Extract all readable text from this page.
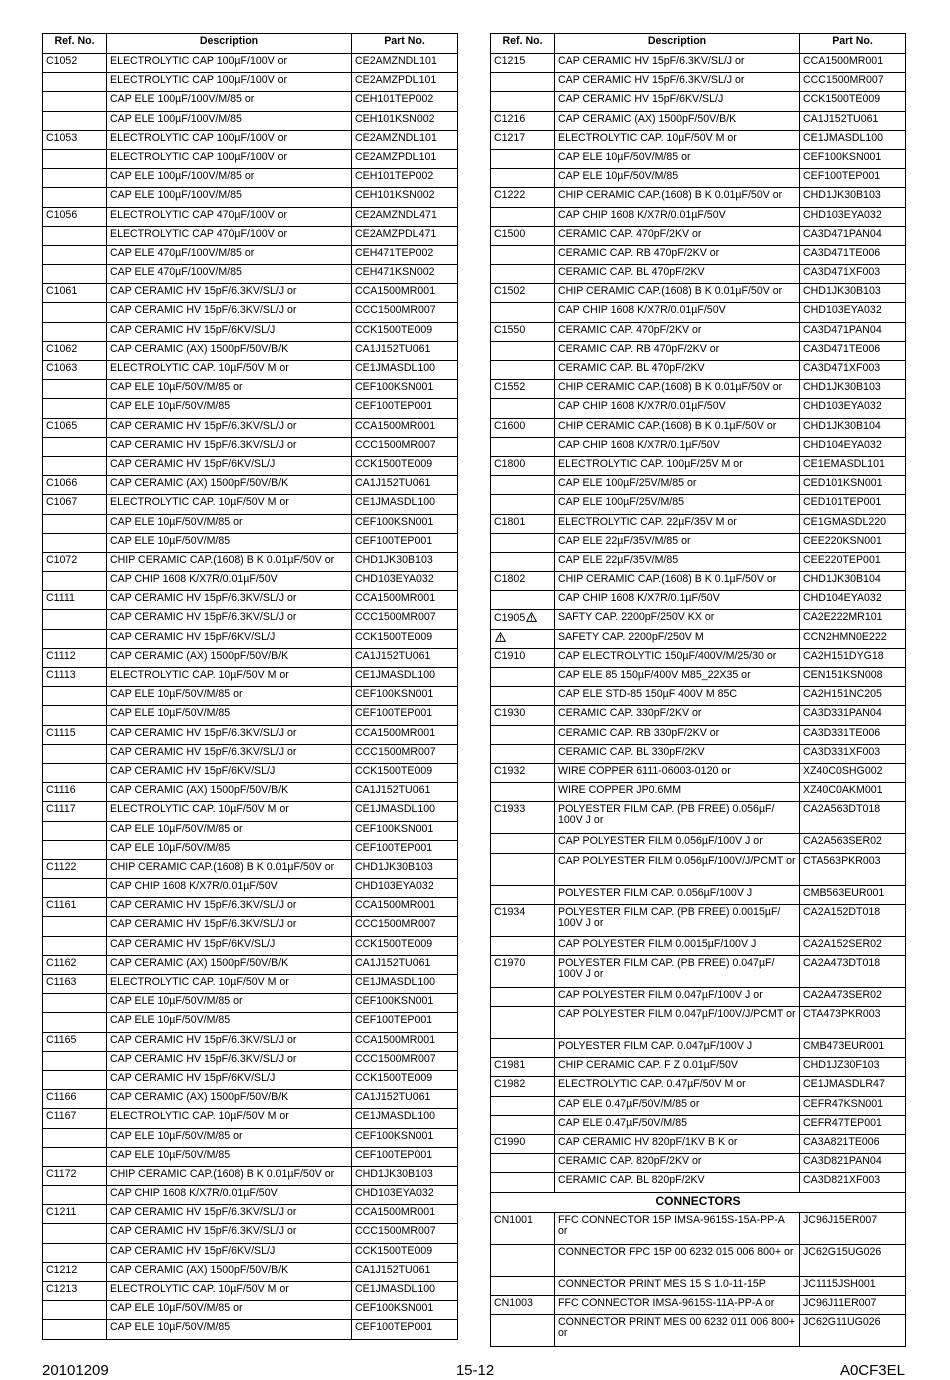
Ref. No.	Description	Part No.
C1052	ELECTROLYTIC CAP 100µF/100V or	CE2AMZNDL101
	ELECTROLYTIC CAP 100µF/100V or	CE2AMZPDL101
	CAP ELE 100µF/100V/M/85 or	CEH101TEP002
	CAP ELE 100µF/100V/M/85	CEH101KSN002
C1053	ELECTROLYTIC CAP 100µF/100V or	CE2AMZNDL101
	ELECTROLYTIC CAP 100µF/100V or	CE2AMZPDL101
	CAP ELE 100µF/100V/M/85 or	CEH101TEP002
	CAP ELE 100µF/100V/M/85	CEH101KSN002
C1056	ELECTROLYTIC CAP 470µF/100V or	CE2AMZNDL471
	ELECTROLYTIC CAP 470µF/100V or	CE2AMZPDL471
	CAP ELE 470µF/100V/M/85 or	CEH471TEP002
	CAP ELE 470µF/100V/M/85	CEH471KSN002
C1061	CAP CERAMIC HV 15pF/6.3KV/SL/J or	CCA1500MR001
	CAP CERAMIC HV 15pF/6.3KV/SL/J or	CCC1500MR007
	CAP CERAMIC HV 15pF/6KV/SL/J	CCK1500TE009
C1062	CAP CERAMIC (AX) 1500pF/50V/B/K	CA1J152TU061
C1063	ELECTROLYTIC CAP. 10µF/50V M or	CE1JMASDL100
	CAP ELE 10µF/50V/M/85 or	CEF100KSN001
	CAP ELE 10µF/50V/M/85	CEF100TEP001
C1065	CAP CERAMIC HV 15pF/6.3KV/SL/J or	CCA1500MR001
	CAP CERAMIC HV 15pF/6.3KV/SL/J or	CCC1500MR007
	CAP CERAMIC HV 15pF/6KV/SL/J	CCK1500TE009
C1066	CAP CERAMIC (AX) 1500pF/50V/B/K	CA1J152TU061
C1067	ELECTROLYTIC CAP. 10µF/50V M or	CE1JMASDL100
	CAP ELE 10µF/50V/M/85 or	CEF100KSN001
	CAP ELE 10µF/50V/M/85	CEF100TEP001
C1072	CHIP CERAMIC CAP.(1608) B K 0.01µF/50V or	CHD1JK30B103
	CAP CHIP 1608 K/X7R/0.01µF/50V	CHD103EYA032
C1111	CAP CERAMIC HV 15pF/6.3KV/SL/J or	CCA1500MR001
	CAP CERAMIC HV 15pF/6.3KV/SL/J or	CCC1500MR007
	CAP CERAMIC HV 15pF/6KV/SL/J	CCK1500TE009
C1112	CAP CERAMIC (AX) 1500pF/50V/B/K	CA1J152TU061
C1113	ELECTROLYTIC CAP. 10µF/50V M or	CE1JMASDL100
	CAP ELE 10µF/50V/M/85 or	CEF100KSN001
	CAP ELE 10µF/50V/M/85	CEF100TEP001
C1115	CAP CERAMIC HV 15pF/6.3KV/SL/J or	CCA1500MR001
	CAP CERAMIC HV 15pF/6.3KV/SL/J or	CCC1500MR007
	CAP CERAMIC HV 15pF/6KV/SL/J	CCK1500TE009
C1116	CAP CERAMIC (AX) 1500pF/50V/B/K	CA1J152TU061
C1117	ELECTROLYTIC CAP. 10µF/50V M or	CE1JMASDL100
	CAP ELE 10µF/50V/M/85 or	CEF100KSN001
	CAP ELE 10µF/50V/M/85	CEF100TEP001
C1122	CHIP CERAMIC CAP.(1608) B K 0.01µF/50V or	CHD1JK30B103
	CAP CHIP 1608 K/X7R/0.01µF/50V	CHD103EYA032
C1161	CAP CERAMIC HV 15pF/6.3KV/SL/J or	CCA1500MR001
	CAP CERAMIC HV 15pF/6.3KV/SL/J or	CCC1500MR007
	CAP CERAMIC HV 15pF/6KV/SL/J	CCK1500TE009
C1162	CAP CERAMIC (AX) 1500pF/50V/B/K	CA1J152TU061
C1163	ELECTROLYTIC CAP. 10µF/50V M or	CE1JMASDL100
	CAP ELE 10µF/50V/M/85 or	CEF100KSN001
	CAP ELE 10µF/50V/M/85	CEF100TEP001
C1165	CAP CERAMIC HV 15pF/6.3KV/SL/J or	CCA1500MR001
	CAP CERAMIC HV 15pF/6.3KV/SL/J or	CCC1500MR007
	CAP CERAMIC HV 15pF/6KV/SL/J	CCK1500TE009
C1166	CAP CERAMIC (AX) 1500pF/50V/B/K	CA1J152TU061
C1167	ELECTROLYTIC CAP. 10µF/50V M or	CE1JMASDL100
	CAP ELE 10µF/50V/M/85 or	CEF100KSN001
	CAP ELE 10µF/50V/M/85	CEF100TEP001
C1172	CHIP CERAMIC CAP.(1608) B K 0.01µF/50V or	CHD1JK30B103
	CAP CHIP 1608 K/X7R/0.01µF/50V	CHD103EYA032
C1211	CAP CERAMIC HV 15pF/6.3KV/SL/J or	CCA1500MR001
	CAP CERAMIC HV 15pF/6.3KV/SL/J or	CCC1500MR007
	CAP CERAMIC HV 15pF/6KV/SL/J	CCK1500TE009
C1212	CAP CERAMIC (AX) 1500pF/50V/B/K	CA1J152TU061
C1213	ELECTROLYTIC CAP. 10µF/50V M or	CE1JMASDL100
	CAP ELE 10µF/50V/M/85 or	CEF100KSN001
	CAP ELE 10µF/50V/M/85	CEF100TEP001
Ref. No.	Description	Part No.
C1215	CAP CERAMIC HV 15pF/6.3KV/SL/J or	CCA1500MR001
	CAP CERAMIC HV 15pF/6.3KV/SL/J or	CCC1500MR007
	CAP CERAMIC HV 15pF/6KV/SL/J	CCK1500TE009
C1216	CAP CERAMIC (AX) 1500pF/50V/B/K	CA1J152TU061
C1217	ELECTROLYTIC CAP. 10µF/50V M or	CE1JMASDL100
	CAP ELE 10µF/50V/M/85 or	CEF100KSN001
	CAP ELE 10µF/50V/M/85	CEF100TEP001
C1222	CHIP CERAMIC CAP.(1608) B K 0.01µF/50V or	CHD1JK30B103
	CAP CHIP 1608 K/X7R/0.01µF/50V	CHD103EYA032
C1500	CERAMIC CAP. 470pF/2KV or	CA3D471PAN04
	CERAMIC CAP. RB 470pF/2KV or	CA3D471TE006
	CERAMIC CAP. BL 470pF/2KV	CA3D471XF003
C1502	CHIP CERAMIC CAP.(1608) B K 0.01µF/50V or	CHD1JK30B103
	CAP CHIP 1608 K/X7R/0.01µF/50V	CHD103EYA032
C1550	CERAMIC CAP. 470pF/2KV or	CA3D471PAN04
	CERAMIC CAP. RB 470pF/2KV or	CA3D471TE006
	CERAMIC CAP. BL 470pF/2KV	CA3D471XF003
C1552	CHIP CERAMIC CAP.(1608) B K 0.01µF/50V or	CHD1JK30B103
	CAP CHIP 1608 K/X7R/0.01µF/50V	CHD103EYA032
C1600	CHIP CERAMIC CAP.(1608) B K 0.1µF/50V or	CHD1JK30B104
	CAP CHIP 1608 K/X7R/0.1µF/50V	CHD104EYA032
C1800	ELECTROLYTIC CAP. 100µF/25V M or	CE1EMASDL101
	CAP ELE 100µF/25V/M/85 or	CED101KSN001
	CAP ELE 100µF/25V/M/85	CED101TEP001
C1801	ELECTROLYTIC CAP. 22µF/35V M or	CE1GMASDL220
	CAP ELE 22µF/35V/M/85 or	CEE220KSN001
	CAP ELE 22µF/35V/M/85	CEE220TEP001
C1802	CHIP CERAMIC CAP.(1608) B K 0.1µF/50V or	CHD1JK30B104
	CAP CHIP 1608 K/X7R/0.1µF/50V	CHD104EYA032
C1905	SAFTY CAP. 2200pF/250V KX or	CA2E222MR101
	SAFETY CAP. 2200pF/250V M	CCN2HMN0E222
C1910	CAP ELECTROLYTIC 150µF/400V/M/25/30 or	CA2H151DYG18
	CAP ELE 85 150µF/400V M85_22X35 or	CEN151KSN008
	CAP ELE STD-85 150µF 400V M 85C	CA2H151NC205
C1930	CERAMIC CAP. 330pF/2KV or	CA3D331PAN04
	CERAMIC CAP. RB 330pF/2KV or	CA3D331TE006
	CERAMIC CAP. BL 330pF/2KV	CA3D331XF003
C1932	WIRE COPPER 6111-06003-0120 or	XZ40C0SHG002
	WIRE COPPER JP0.6MM	XZ40C0AKM001
C1933	POLYESTER FILM CAP. (PB FREE) 0.056µF/ 100V J or	CA2A563DT018
	CAP POLYESTER FILM 0.056µF/100V J or	CA2A563SER02
	CAP POLYESTER FILM 0.056µF/100V/J/PCMT or	CTA563PKR003
	POLYESTER FILM CAP. 0.056µF/100V J	CMB563EUR001
C1934	POLYESTER FILM CAP. (PB FREE) 0.0015µF/ 100V J or	CA2A152DT018
	CAP POLYESTER FILM 0.0015µF/100V J	CA2A152SER02
C1970	POLYESTER FILM CAP. (PB FREE) 0.047µF/ 100V J or	CA2A473DT018
	CAP POLYESTER FILM 0.047µF/100V J or	CA2A473SER02
	CAP POLYESTER FILM 0.047µF/100V/J/PCMT or	CTA473PKR003
	POLYESTER FILM CAP. 0.047µF/100V J	CMB473EUR001
C1981	CHIP CERAMIC CAP. F Z 0.01µF/50V	CHD1JZ30F103
C1982	ELECTROLYTIC CAP. 0.47µF/50V M or	CE1JMASDLR47
	CAP ELE 0.47µF/50V/M/85 or	CEFR47KSN001
	CAP ELE 0.47µF/50V/M/85	CEFR47TEP001
C1990	CAP CERAMIC HV 820pF/1KV B K or	CA3A821TE006
	CERAMIC CAP. 820pF/2KV or	CA3D821PAN04
	CERAMIC CAP. BL 820pF/2KV	CA3D821XF003
CONNECTORS		
CN1001	FFC CONNECTOR 15P IMSA-9615S-15A-PP-A or	JC96J15ER007
	CONNECTOR FPC 15P 00 6232 015 006 800+ or	JC62G15UG026
	CONNECTOR PRINT MES 15 S 1.0-11-15P	JC1115JSH001
CN1003	FFC CONNECTOR IMSA-9615S-11A-PP-A or	JC96J11ER007
	CONNECTOR PRINT MES 00 6232 011 006 800+ or	JC62G11UG026
20101209	15-12	A0CF3EL
